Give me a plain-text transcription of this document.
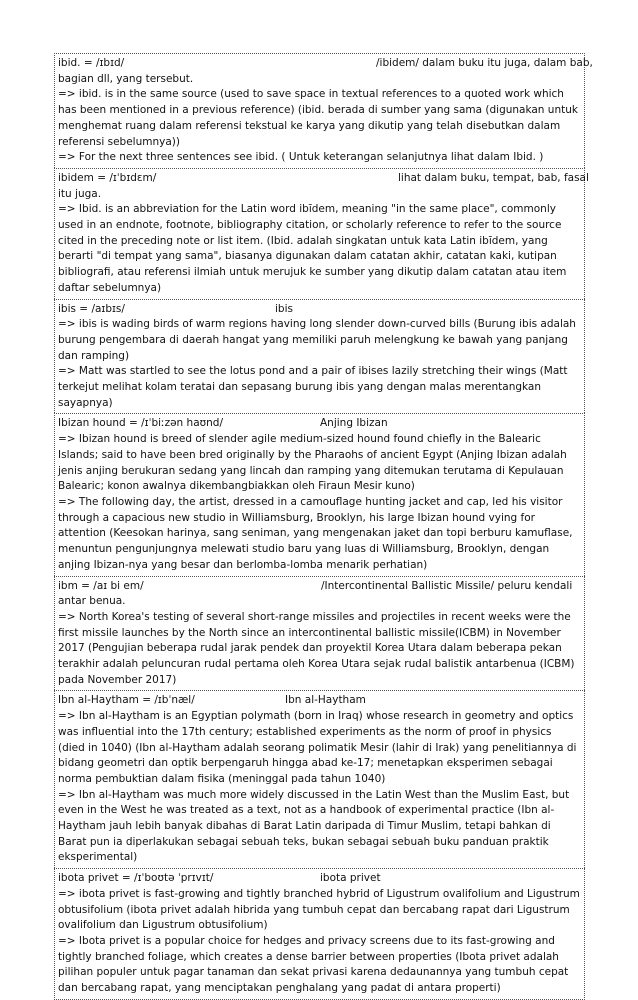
ibid. = /ɪbɪd/	/ibidem/ dalam buku itu juga, dalam bab,
bagian dll, yang tersebut.
=> ibid. is in the same source (used to save space in textual references to a quoted work which has been mentioned in a previous reference) (ibid. berada di sumber yang sama (digunakan untuk menghemat ruang dalam referensi tekstual ke karya yang dikutip yang telah disebutkan dalam referensi sebelumnya))
=> For the next three sentences see ibid. ( Untuk keterangan selanjutnya lihat dalam Ibid. )
ibidem = /ɪˈbɪdɛm/	lihat dalam buku, tempat, bab, fasal
itu juga.
=> Ibid. is an abbreviation for the Latin word ibīdem, meaning "in the same place", commonly used in an endnote, footnote, bibliography citation, or scholarly reference to refer to the source cited in the preceding note or list item. (Ibid. adalah singkatan untuk kata Latin ibīdem, yang berarti "di tempat yang sama", biasanya digunakan dalam catatan akhir, catatan kaki, kutipan bibliografi, atau referensi ilmiah untuk merujuk ke sumber yang dikutip dalam catatan atau item daftar sebelumnya)
ibis = /aɪbɪs/	ibis
=> ibis is wading birds of warm regions having long slender down-curved bills (Burung ibis adalah burung pengembara di daerah hangat yang memiliki paruh melengkung ke bawah yang panjang dan ramping)
=> Matt was startled to see the lotus pond and a pair of ibises lazily stretching their wings (Matt terkejut melihat kolam teratai dan sepasang burung ibis yang dengan malas merentangkan sayapnya)
Ibizan hound = /ɪˈbiːzən haʊnd/	Anjing Ibizan
=> Ibizan hound is breed of slender agile medium-sized hound found chiefly in the Balearic Islands; said to have been bred originally by the Pharaohs of ancient Egypt (Anjing Ibizan adalah jenis anjing berukuran sedang yang lincah dan ramping yang ditemukan terutama di Kepulauan Balearic; konon awalnya dikembangbiakkan oleh Firaun Mesir kuno)
=> The following day, the artist, dressed in a camouflage hunting jacket and cap, led his visitor through a capacious new studio in Williamsburg, Brooklyn, his large Ibizan hound vying for attention (Keesokan harinya, sang seniman, yang mengenakan jaket dan topi berburu kamuflase, menuntun pengunjungnya melewati studio baru yang luas di Williamsburg, Brooklyn, dengan anjing Ibizan-nya yang besar dan berlomba-lomba menarik perhatian)
ibm = /aɪ bi em/	/Intercontinental Ballistic Missile/ peluru kendali
antar benua.
=> North Korea's testing of several short-range missiles and projectiles in recent weeks were the first missile launches by the North since an intercontinental ballistic missile(ICBM) in November 2017 (Pengujian beberapa rudal jarak pendek dan proyektil Korea Utara dalam beberapa pekan terakhir adalah peluncuran rudal pertama oleh Korea Utara sejak rudal balistik antarbenua (ICBM) pada November 2017)
Ibn al-Haytham = /ɪbˈnæl/	Ibn al-Haytham
=> Ibn al-Haytham is an Egyptian polymath (born in Iraq) whose research in geometry and optics was influential into the 17th century; established experiments as the norm of proof in physics (died in 1040) (Ibn al-Haytham adalah seorang polimatik Mesir (lahir di Irak) yang penelitiannya di bidang geometri dan optik berpengaruh hingga abad ke-17; menetapkan eksperimen sebagai norma pembuktian dalam fisika (meninggal pada tahun 1040)
=> Ibn al-Haytham was much more widely discussed in the Latin West than the Muslim East, but even in the West he was treated as a text, not as a handbook of experimental practice (Ibn al-Haytham jauh lebih banyak dibahas di Barat Latin daripada di Timur Muslim, tetapi bahkan di Barat pun ia diperlakukan sebagai sebuah teks, bukan sebagai sebuah buku panduan praktik eksperimental)
ibota privet = /ɪˈboʊtə ˈprɪvɪt/	ibota privet
=> ibota privet is fast-growing and tightly branched hybrid of Ligustrum ovalifolium and Ligustrum obtusifolium (ibota privet adalah hibrida yang tumbuh cepat dan bercabang rapat dari Ligustrum ovalifolium dan Ligustrum obtusifolium)
=> Ibota privet is a popular choice for hedges and privacy screens due to its fast-growing and tightly branched foliage, which creates a dense barrier between properties (Ibota privet adalah pilihan populer untuk pagar tanaman dan sekat privasi karena dedaunannya yang tumbuh cepat dan bercabang rapat, yang menciptakan penghalang yang padat di antara properti)
